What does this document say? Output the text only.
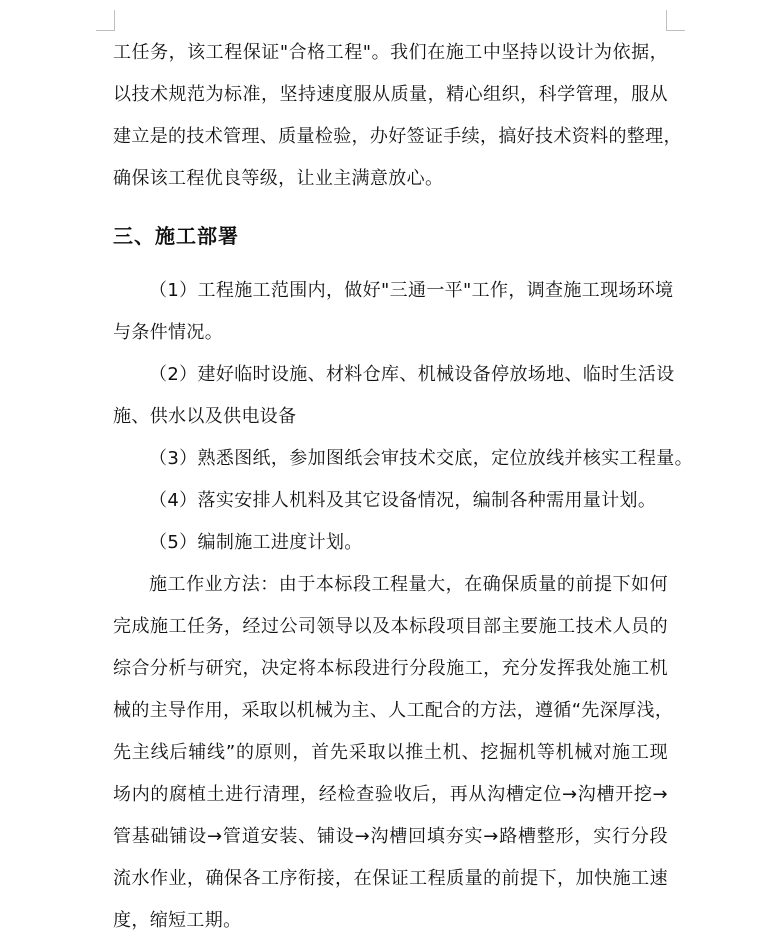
工任务，该工程保证"合格工程"。我们在施工中坚持以设计为依据，
以技术规范为标准，坚持速度服从质量，精心组织，科学管理，服从
建立是的技术管理、质量检验，办好签证手续，搞好技术资料的整理，
确保该工程优良等级，让业主满意放心。
三、施工部署
（1）工程施工范围内，做好"三通一平"工作，调查施工现场环境
与条件情况。
（2）建好临时设施、材料仓库、机械设备停放场地、临时生活设
施、供水以及供电设备
（3）熟悉图纸，参加图纸会审技术交底，定位放线并核实工程量。
（4）落实安排人机料及其它设备情况，编制各种需用量计划。
（5）编制施工进度计划。
施工作业方法：由于本标段工程量大，在确保质量的前提下如何
完成施工任务，经过公司领导以及本标段项目部主要施工技术人员的
综合分析与研究，决定将本标段进行分段施工，充分发挥我处施工机
械的主导作用，采取以机械为主、人工配合的方法，遵循“先深厚浅，
先主线后辅线”的原则，首先采取以推土机、挖掘机等机械对施工现
场内的腐植土进行清理，经检查验收后，再从沟槽定位→沟槽开挖→
管基础铺设→管道安装、铺设→沟槽回填夯实→路槽整形，实行分段
流水作业，确保各工序衔接，在保证工程质量的前提下，加快施工速
度，缩短工期。
